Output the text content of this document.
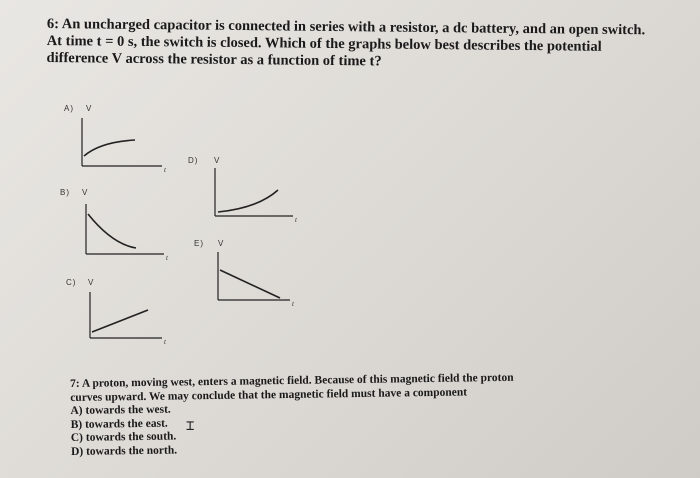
6: An uncharged capacitor is connected in series with a resistor, a dc battery, and an open switch.
At time t = 0 s, the switch is closed. Which of the graphs below best describes the potential
difference V across the resistor as a function of time t?
A) V
t
D) V
t
B) V
t
E) V
t
C) V
t
7: A proton, moving west, enters a magnetic field. Because of this magnetic field the proton
curves upward. We may conclude that the magnetic field must have a component
A) towards the west.
B) towards the east.
C) towards the south.
D) towards the north.
⌶
